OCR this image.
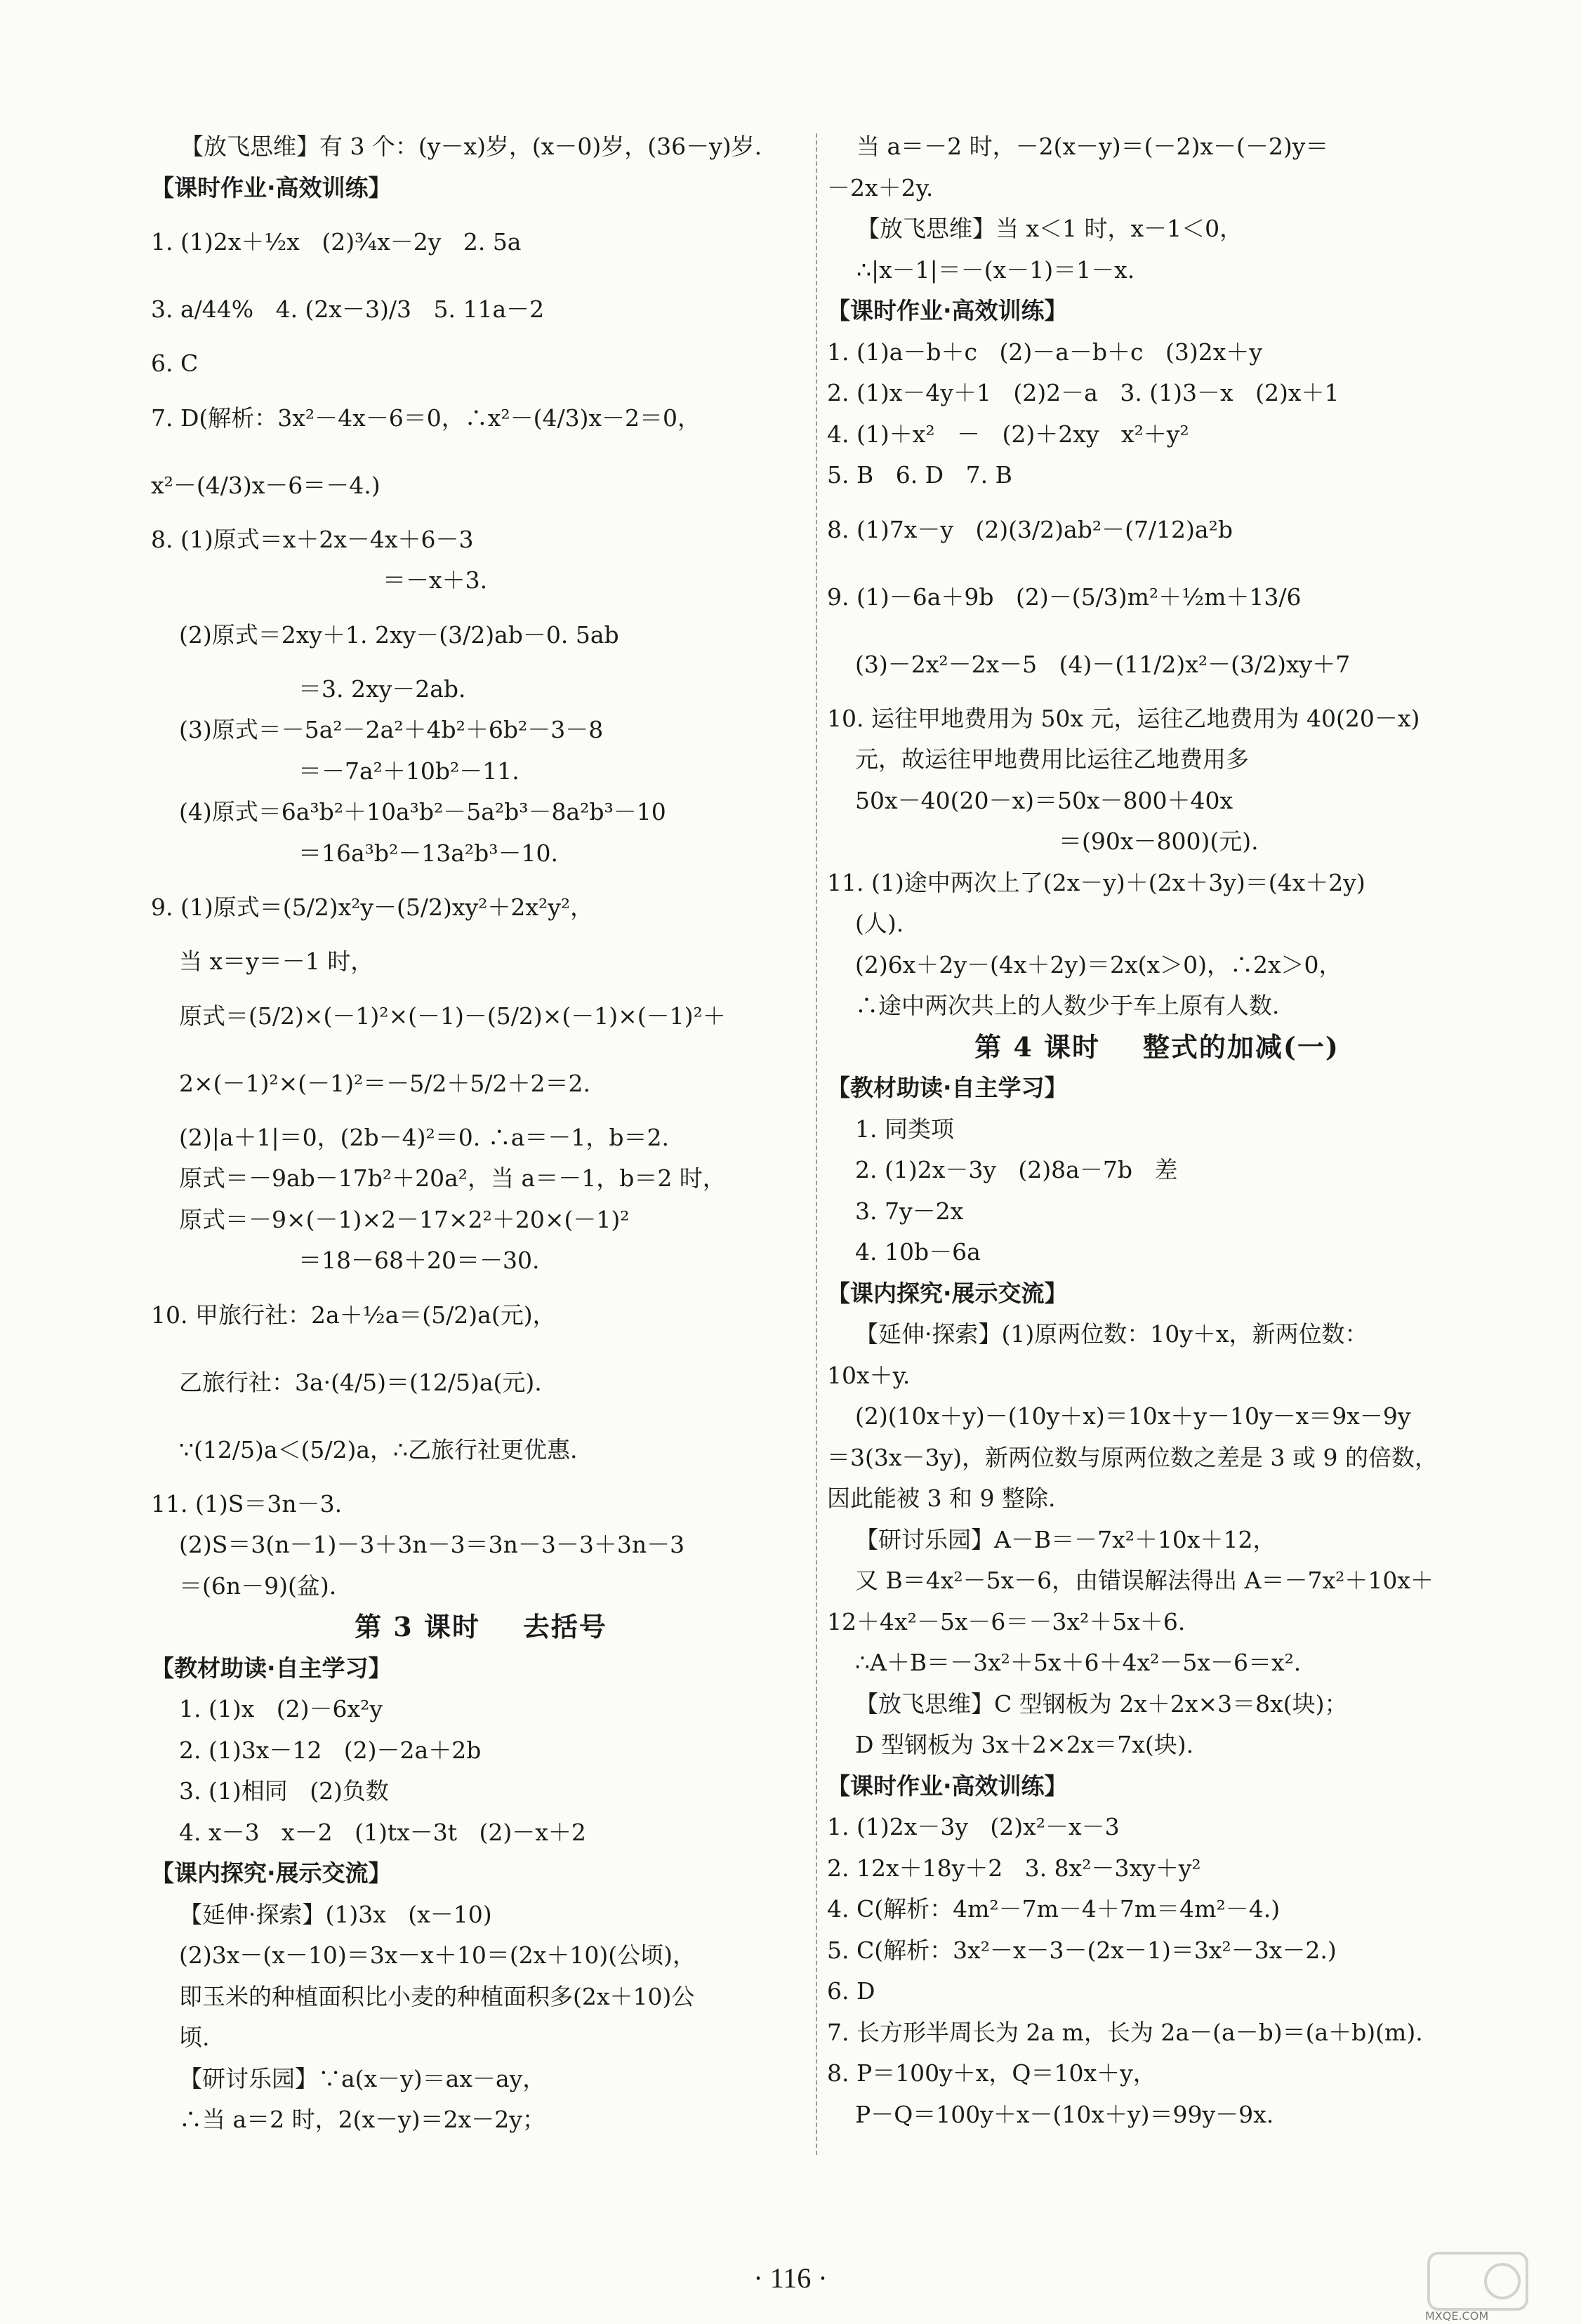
【放飞思维】有 3 个：(y－x)岁，(x－0)岁，(36－y)岁.
【课时作业·高效训练】
1. (1)2x＋½x   (2)¾x－2y   2. 5a
3. a/44%   4. (2x－3)/3   5. 11a－2
6. C
7. D(解析：3x²－4x－6＝0，∴x²－(4/3)x－2＝0，
x²－(4/3)x－6＝－4.)
8. (1)原式＝x＋2x－4x＋6－3
＝－x＋3.
(2)原式＝2xy＋1. 2xy－(3/2)ab－0. 5ab
＝3. 2xy－2ab.
(3)原式＝－5a²－2a²＋4b²＋6b²－3－8
＝－7a²＋10b²－11.
(4)原式＝6a³b²＋10a³b²－5a²b³－8a²b³－10
＝16a³b²－13a²b³－10.
9. (1)原式＝(5/2)x²y－(5/2)xy²＋2x²y²，
当 x＝y＝－1 时，
原式＝(5/2)×(－1)²×(－1)－(5/2)×(－1)×(－1)²＋
2×(－1)²×(－1)²＝－5/2＋5/2＋2＝2.
(2)|a＋1|＝0，(2b－4)²＝0. ∴a＝－1，b＝2.
原式＝－9ab－17b²＋20a²，当 a＝－1，b＝2 时，
原式＝－9×(－1)×2－17×2²＋20×(－1)²
＝18－68＋20＝－30.
10. 甲旅行社：2a＋½a＝(5/2)a(元)，
乙旅行社：3a·(4/5)＝(12/5)a(元).
∵(12/5)a＜(5/2)a，∴乙旅行社更优惠.
11. (1)S＝3n－3.
(2)S＝3(n－1)－3＋3n－3＝3n－3－3＋3n－3
＝(6n－9)(盆).
第 3 课时    去括号
【教材助读·自主学习】
1. (1)x   (2)－6x²y
2. (1)3x－12   (2)－2a＋2b
3. (1)相同   (2)负数
4. x－3   x－2   (1)tx－3t   (2)－x＋2
【课内探究·展示交流】
【延伸·探索】(1)3x   (x－10)
(2)3x－(x－10)＝3x－x＋10＝(2x＋10)(公顷)，
即玉米的种植面积比小麦的种植面积多(2x＋10)公
顷.
【研讨乐园】∵a(x－y)＝ax－ay，
∴当 a＝2 时，2(x－y)＝2x－2y；
当 a＝－2 时，－2(x－y)＝(－2)x－(－2)y＝
－2x＋2y.
【放飞思维】当 x＜1 时，x－1＜0，
∴|x－1|＝－(x－1)＝1－x.
【课时作业·高效训练】
1. (1)a－b＋c   (2)－a－b＋c   (3)2x＋y
2. (1)x－4y＋1   (2)2－a   3. (1)3－x   (2)x＋1
4. (1)＋x²   －   (2)＋2xy   x²＋y²
5. B   6. D   7. B
8. (1)7x－y   (2)(3/2)ab²－(7/12)a²b
9. (1)－6a＋9b   (2)－(5/3)m²＋½m＋13/6
(3)－2x²－2x－5   (4)－(11/2)x²－(3/2)xy＋7
10. 运往甲地费用为 50x 元，运往乙地费用为 40(20－x)
元，故运往甲地费用比运往乙地费用多
50x－40(20－x)＝50x－800＋40x
＝(90x－800)(元).
11. (1)途中两次上了(2x－y)＋(2x＋3y)＝(4x＋2y)
(人).
(2)6x＋2y－(4x＋2y)＝2x(x＞0)，∴2x＞0，
∴途中两次共上的人数少于车上原有人数.
第 4 课时    整式的加减(一)
【教材助读·自主学习】
1. 同类项
2. (1)2x－3y   (2)8a－7b   差
3. 7y－2x
4. 10b－6a
【课内探究·展示交流】
【延伸·探索】(1)原两位数：10y＋x，新两位数：
10x＋y.
(2)(10x＋y)－(10y＋x)＝10x＋y－10y－x＝9x－9y
＝3(3x－3y)，新两位数与原两位数之差是 3 或 9 的倍数，
因此能被 3 和 9 整除.
【研讨乐园】A－B＝－7x²＋10x＋12，
又 B＝4x²－5x－6，由错误解法得出 A＝－7x²＋10x＋
12＋4x²－5x－6＝－3x²＋5x＋6.
∴A＋B＝－3x²＋5x＋6＋4x²－5x－6＝x².
【放飞思维】C 型钢板为 2x＋2x×3＝8x(块)；
D 型钢板为 3x＋2×2x＝7x(块).
【课时作业·高效训练】
1. (1)2x－3y   (2)x²－x－3
2. 12x＋18y＋2   3. 8x²－3xy＋y²
4. C(解析：4m²－7m－4＋7m＝4m²－4.)
5. C(解析：3x²－x－3－(2x－1)＝3x²－3x－2.)
6. D
7. 长方形半周长为 2a m，长为 2a－(a－b)＝(a＋b)(m).
8. P＝100y＋x，Q＝10x＋y，
P－Q＝100y＋x－(10x＋y)＝99y－9x.
· 116 ·
MXQE.COM
